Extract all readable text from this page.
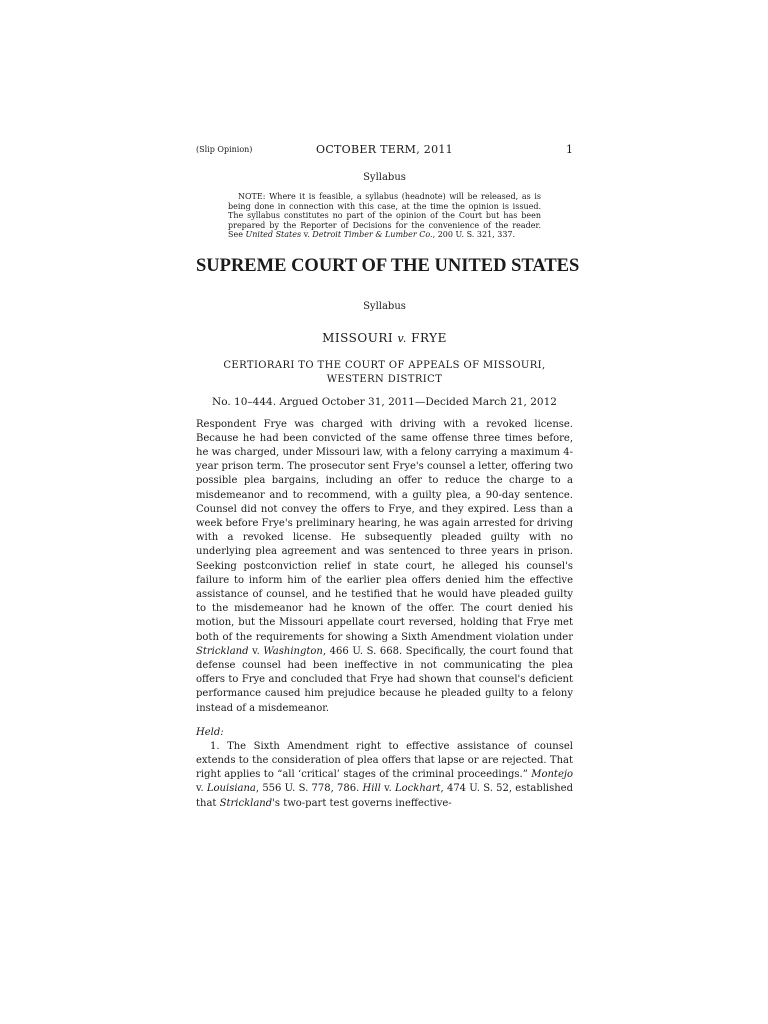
(Slip Opinion)	OCTOBER TERM, 2011	1
Syllabus

NOTE: Where it is feasible, a syllabus (headnote) will be released, as is being done in connection with this case, at the time the opinion is issued. The syllabus constitutes no part of the opinion of the Court but has been prepared by the Reporter of Decisions for the convenience of the reader. See United States v. Detroit Timber & Lumber Co., 200 U. S. 321, 337.

SUPREME COURT OF THE UNITED STATES
Syllabus
MISSOURI v. FRYE
CERTIORARI TO THE COURT OF APPEALS OF MISSOURI, WESTERN DISTRICT
No. 10–444. Argued October 31, 2011—Decided March 21, 2012

Respondent Frye was charged with driving with a revoked license. Because he had been convicted of the same offense three times before, he was charged, under Missouri law, with a felony carrying a maximum 4-year prison term. The prosecutor sent Frye's counsel a letter, offering two possible plea bargains, including an offer to reduce the charge to a misdemeanor and to recommend, with a guilty plea, a 90-day sentence. Counsel did not convey the offers to Frye, and they expired. Less than a week before Frye's preliminary hearing, he was again arrested for driving with a revoked license. He subsequently pleaded guilty with no underlying plea agreement and was sentenced to three years in prison. Seeking postconviction relief in state court, he alleged his counsel's failure to inform him of the earlier plea offers denied him the effective assistance of counsel, and he testified that he would have pleaded guilty to the misdemeanor had he known of the offer. The court denied his motion, but the Missouri appellate court reversed, holding that Frye met both of the requirements for showing a Sixth Amendment violation under Strickland v. Washington, 466 U. S. 668. Specifically, the court found that defense counsel had been ineffective in not communicating the plea offers to Frye and concluded that Frye had shown that counsel's deficient performance caused him prejudice because he pleaded guilty to a felony instead of a misdemeanor.

Held:

1. The Sixth Amendment right to effective assistance of counsel extends to the consideration of plea offers that lapse or are rejected. That right applies to “all ‘critical’ stages of the criminal proceedings.” Montejo v. Louisiana, 556 U. S. 778, 786. Hill v. Lockhart, 474 U. S. 52, established that Strickland's two-part test governs ineffective-
